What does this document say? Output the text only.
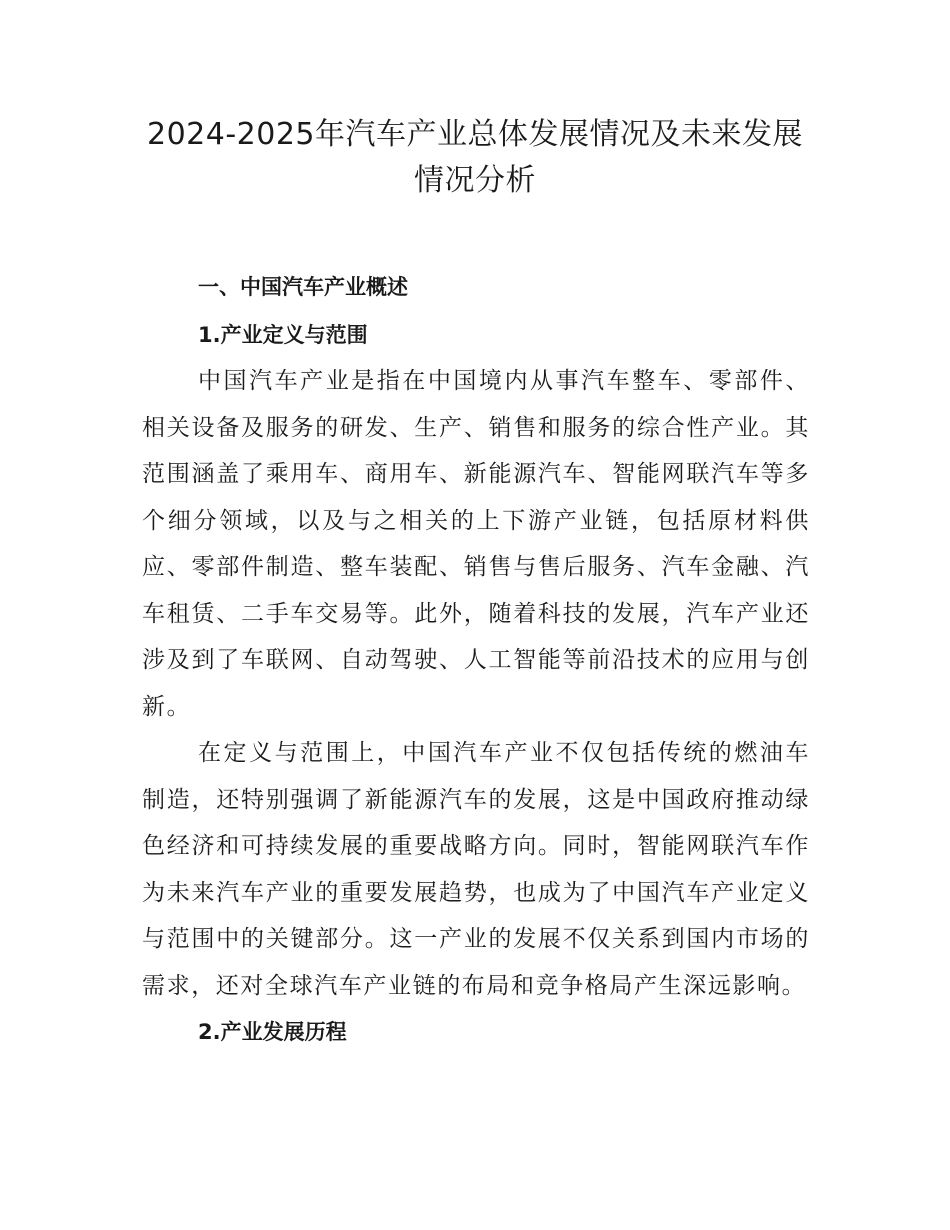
2024-2025年汽车产业总体发展情况及未来发展
情况分析

一、中国汽车产业概述

1.产业定义与范围

中国汽车产业是指在中国境内从事汽车整车、零部件、相关设备及服务的研发、生产、销售和服务的综合性产业。其范围涵盖了乘用车、商用车、新能源汽车、智能网联汽车等多个细分领域，以及与之相关的上下游产业链，包括原材料供应、零部件制造、整车装配、销售与售后服务、汽车金融、汽车租赁、二手车交易等。此外，随着科技的发展，汽车产业还涉及到了车联网、自动驾驶、人工智能等前沿技术的应用与创新。

在定义与范围上，中国汽车产业不仅包括传统的燃油车制造，还特别强调了新能源汽车的发展，这是中国政府推动绿色经济和可持续发展的重要战略方向。同时，智能网联汽车作为未来汽车产业的重要发展趋势，也成为了中国汽车产业定义与范围中的关键部分。这一产业的发展不仅关系到国内市场的需求，还对全球汽车产业链的布局和竞争格局产生深远影响。

2.产业发展历程
